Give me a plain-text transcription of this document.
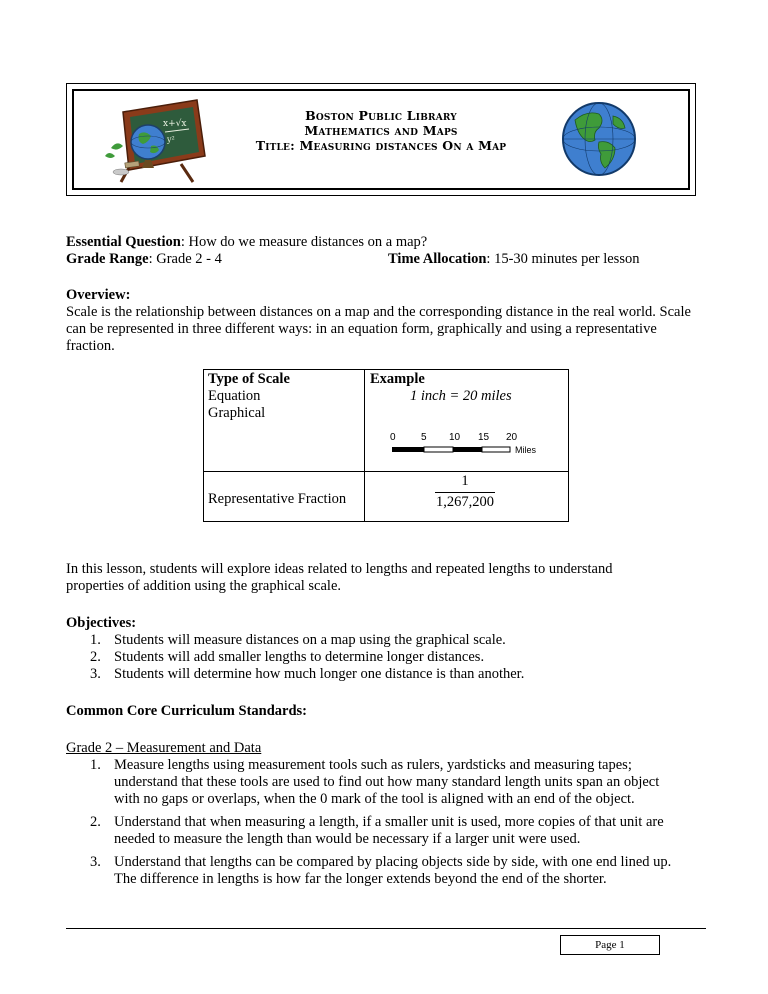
x+√x
y²
Boston Public Library
Mathematics and Maps
Title: Measuring distances On a Map
Essential Question: How do we measure distances on a map?
Grade Range: Grade 2 - 4	Time Allocation: 15-30 minutes per lesson
Overview:
Scale is the relationship between distances on a map and the corresponding distance in the real world. Scale can be represented in three different ways: in an equation form, graphically and using a representative fraction.
Type of Scale
Equation
Graphical
Example
1 inch = 20 miles
0	5 10 15 20
Miles
Representative Fraction
1
1,267,200
In this lesson, students will explore ideas related to lengths and repeated lengths to understand properties of addition using the graphical scale.
Objectives:
1. Students will measure distances on a map using the graphical scale.
2. Students will add smaller lengths to determine longer distances.
3. Students will determine how much longer one distance is than another.
Common Core Curriculum Standards:
Grade 2 – Measurement and Data
1. Measure lengths using measurement tools such as rulers, yardsticks and measuring tapes; understand that these tools are used to find out how many standard length units span an object with no gaps or overlaps, when the 0 mark of the tool is aligned with an end of the object.
2. Understand that when measuring a length, if a smaller unit is used, more copies of that unit are needed to measure the length than would be necessary if a larger unit were used.
3. Understand that lengths can be compared by placing objects side by side, with one end lined up. The difference in lengths is how far the longer extends beyond the end of the shorter.
Page 1
